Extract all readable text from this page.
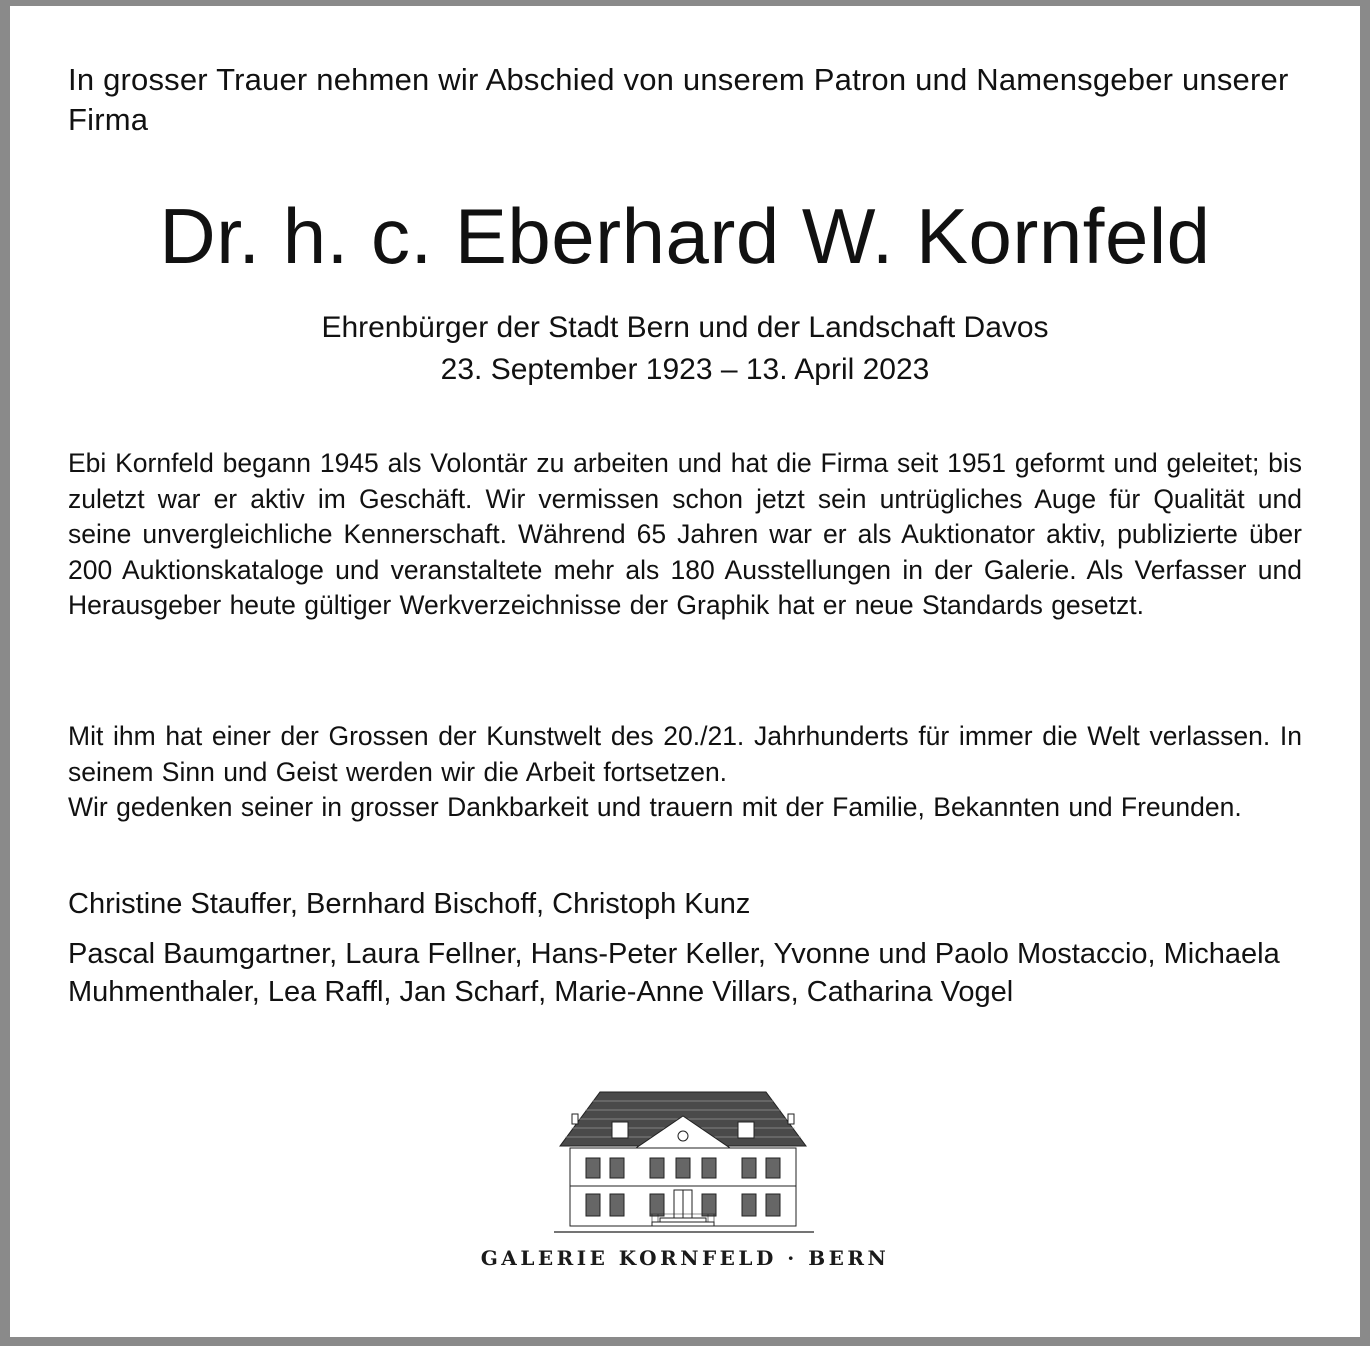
In grosser Trauer nehmen wir Abschied von unserem Patron und Namensgeber unserer Firma
Dr. h. c. Eberhard W. Kornfeld
Ehrenbürger der Stadt Bern und der Landschaft Davos
23. September 1923 – 13. April 2023
Ebi Kornfeld begann 1945 als Volontär zu arbeiten und hat die Firma seit 1951 geformt und geleitet; bis zuletzt war er aktiv im Geschäft. Wir vermissen schon jetzt sein untrügliches Auge für Qualität und seine unvergleichliche Kennerschaft. Während 65 Jahren war er als Auktionator aktiv, publizierte über 200 Auktionskataloge und veranstaltete mehr als 180 Ausstellungen in der Galerie. Als Verfasser und Herausgeber heute gültiger Werkverzeichnisse der Graphik hat er neue Standards gesetzt.
Mit ihm hat einer der Grossen der Kunstwelt des 20./21. Jahrhunderts für immer die Welt verlassen. In seinem Sinn und Geist werden wir die Arbeit fortsetzen.
Wir gedenken seiner in grosser Dankbarkeit und trauern mit der Familie, Bekannten und Freunden.
Christine Stauffer, Bernhard Bischoff, Christoph Kunz
Pascal Baumgartner, Laura Fellner, Hans-Peter Keller, Yvonne und Paolo Mostaccio, Michaela Muhmenthaler, Lea Raffl, Jan Scharf, Marie-Anne Villars, Catharina Vogel
GALERIE KORNFELD · BERN
